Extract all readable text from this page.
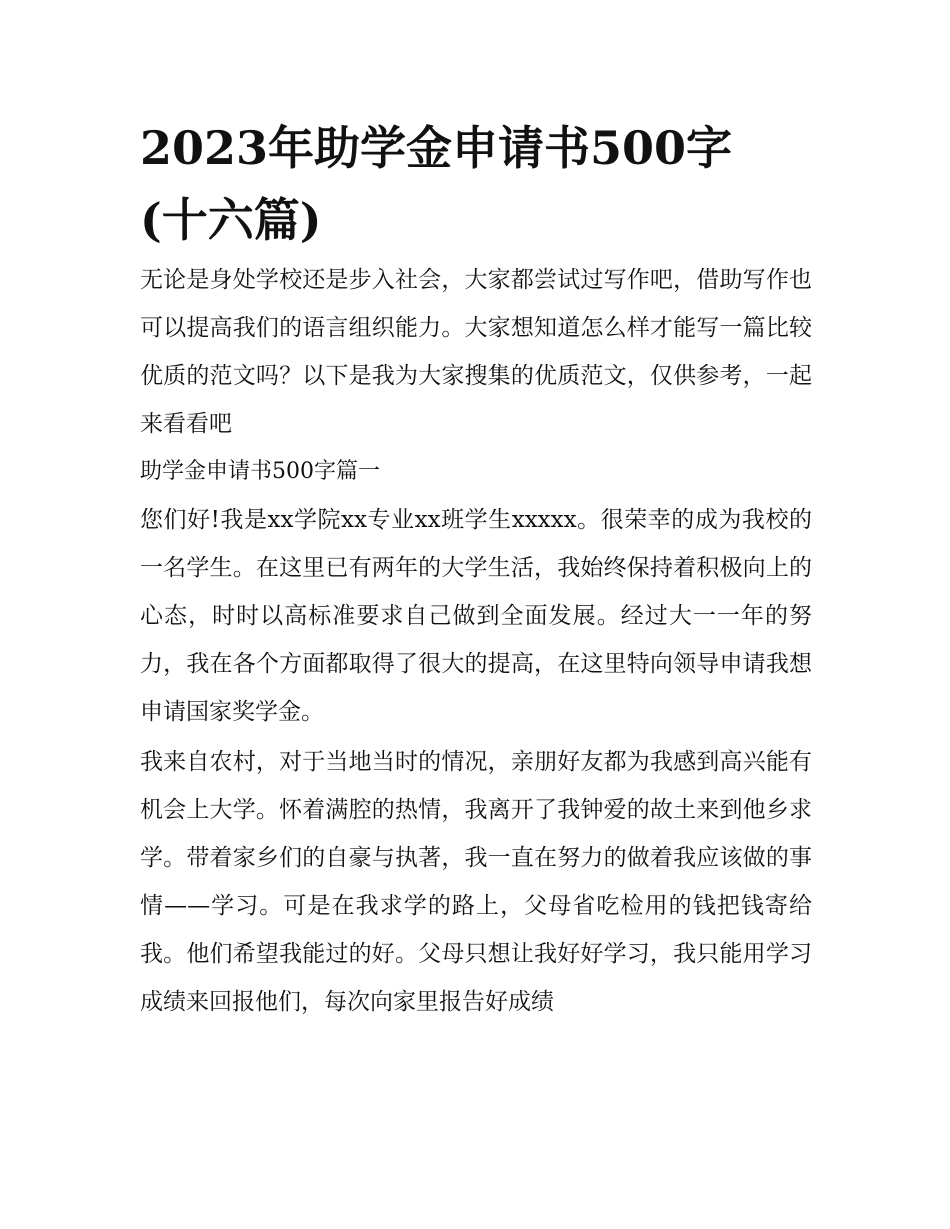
2023年助学金申请书500字
(十六篇)

无论是身处学校还是步入社会，大家都尝试过写作吧，借助写作也可以提高我们的语言组织能力。大家想知道怎么样才能写一篇比较优质的范文吗？以下是我为大家搜集的优质范文，仅供参考，一起来看看吧

助学金申请书500字篇一

您们好!我是xx学院xx专业xx班学生xxxxx。很荣幸的成为我校的一名学生。在这里已有两年的大学生活，我始终保持着积极向上的心态，时时以高标准要求自己做到全面发展。经过大一一年的努力，我在各个方面都取得了很大的提高，在这里特向领导申请我想申请国家奖学金。

我来自农村，对于当地当时的情况，亲朋好友都为我感到高兴能有机会上大学。怀着满腔的热情，我离开了我钟爱的故土来到他乡求学。带着家乡们的自豪与执著，我一直在努力的做着我应该做的事情——学习。可是在我求学的路上，父母省吃检用的钱把钱寄给我。他们希望我能过的好。父母只想让我好好学习，我只能用学习成绩来回报他们，每次向家里报告好成绩
